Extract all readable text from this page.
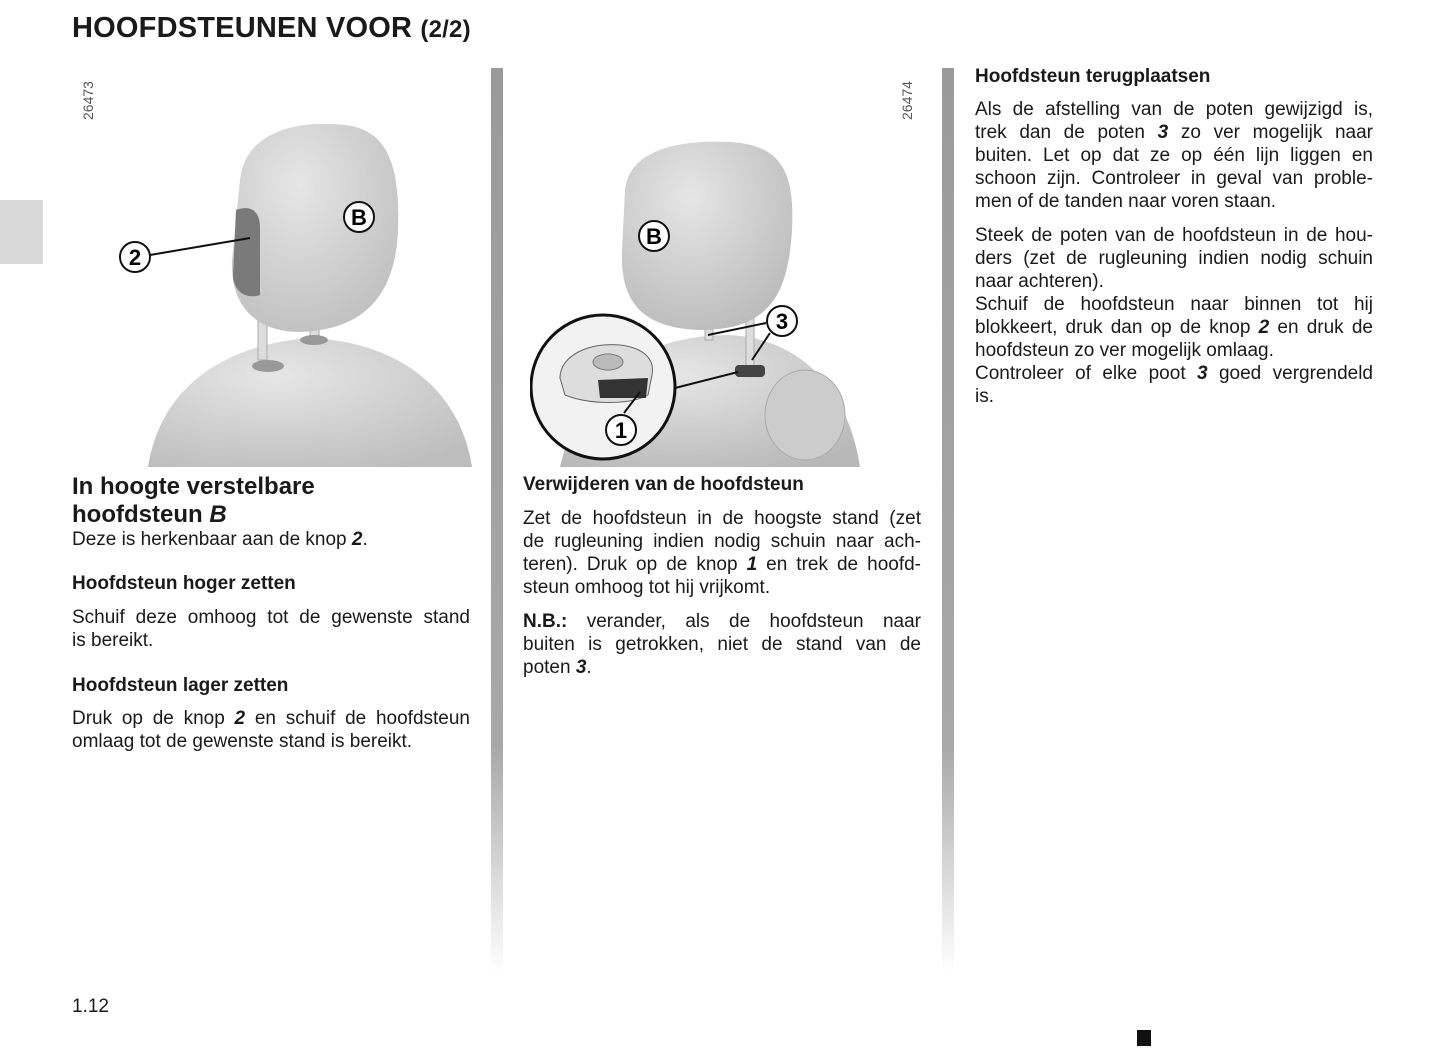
HOOFDSTEUNEN VOOR (2/2)
26473	26474
2
B
1
3
B
In hoogte verstelbare
hoofdsteun B
Deze is herkenbaar aan de knop 2.
Hoofdsteun hoger zetten
Schuif deze omhoog tot de gewenste stand
is bereikt.
Hoofdsteun lager zetten
Druk op de knop 2 en schuif de hoofdsteun
omlaag tot de gewenste stand is bereikt.
Verwijderen van de hoofdsteun
Zet de hoofdsteun in de hoogste stand (zet
de rugleuning indien nodig schuin naar ach-
teren). Druk op de knop 1 en trek de hoofd-
steun omhoog tot hij vrijkomt.
N.B.: verander, als de hoofdsteun naar
buiten is getrokken, niet de stand van de
poten 3.
Hoofdsteun terugplaatsen
Als de afstelling van de poten gewijzigd is,
trek dan de poten 3 zo ver mogelijk naar
buiten. Let op dat ze op één lijn liggen en
schoon zijn. Controleer in geval van proble-
men of de tanden naar voren staan.
Steek de poten van de hoofdsteun in de hou-
ders (zet de rugleuning indien nodig schuin
naar achteren).
Schuif de hoofdsteun naar binnen tot hij
blokkeert, druk dan op de knop 2 en druk de
hoofdsteun zo ver mogelijk omlaag.
Controleer of elke poot 3 goed vergrendeld
is.
1.12
